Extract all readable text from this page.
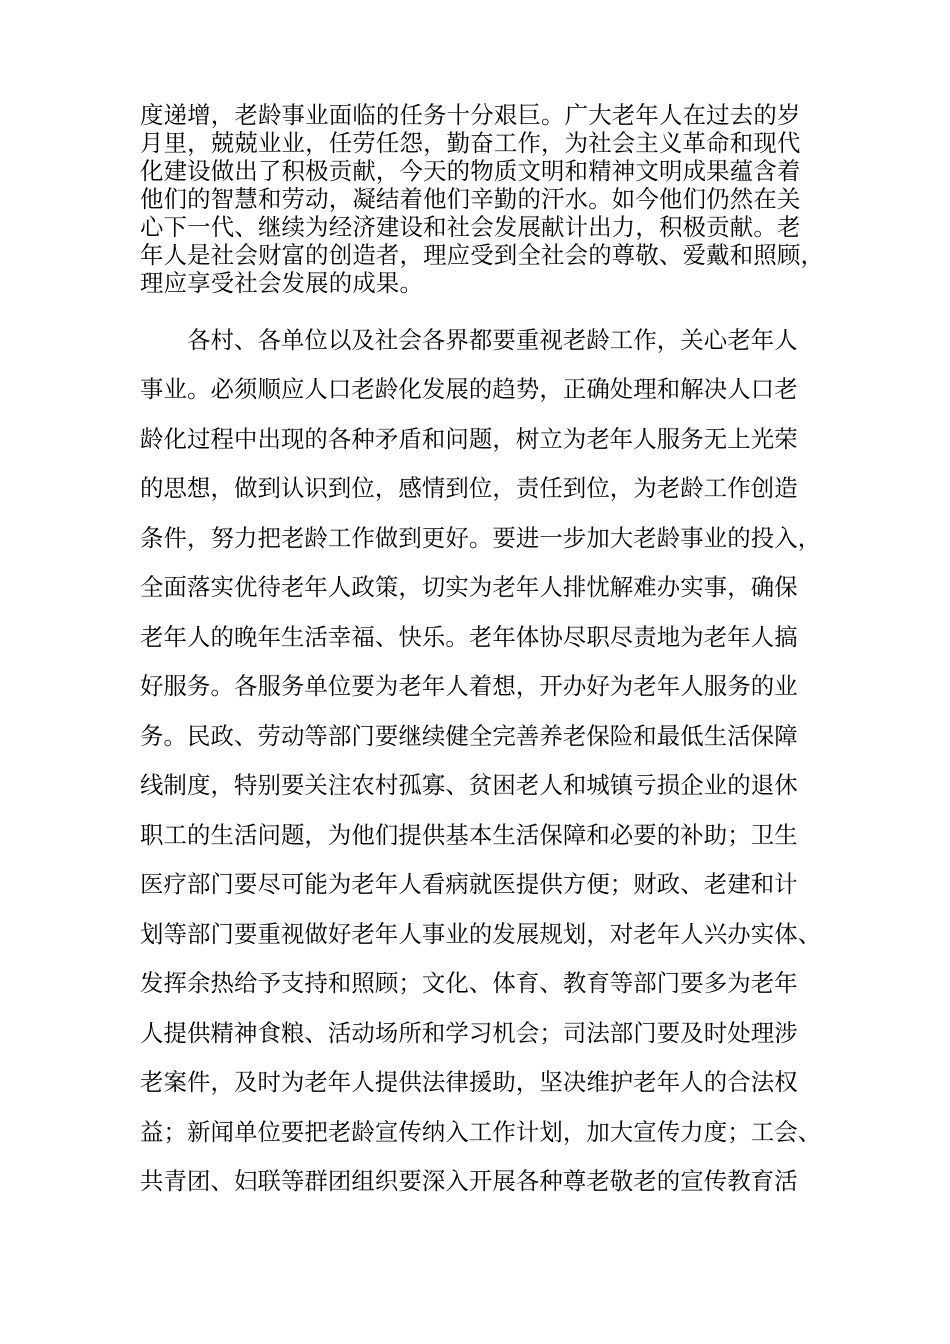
度递增，老龄事业面临的任务十分艰巨。广大老年人在过去的岁
月里，兢兢业业，任劳任怨，勤奋工作，为社会主义革命和现代
化建设做出了积极贡献，今天的物质文明和精神文明成果蕴含着
他们的智慧和劳动，凝结着他们辛勤的汗水。如今他们仍然在关
心下一代、继续为经济建设和社会发展献计出力，积极贡献。老
年人是社会财富的创造者，理应受到全社会的尊敬、爱戴和照顾，
理应享受社会发展的成果。
各村、各单位以及社会各界都要重视老龄工作，关心老年人
事业。必须顺应人口老龄化发展的趋势，正确处理和解决人口老
龄化过程中出现的各种矛盾和问题，树立为老年人服务无上光荣
的思想，做到认识到位，感情到位，责任到位，为老龄工作创造
条件，努力把老龄工作做到更好。要进一步加大老龄事业的投入，
全面落实优待老年人政策，切实为老年人排忧解难办实事，确保
老年人的晚年生活幸福、快乐。老年体协尽职尽责地为老年人搞
好服务。各服务单位要为老年人着想，开办好为老年人服务的业
务。民政、劳动等部门要继续健全完善养老保险和最低生活保障
线制度，特别要关注农村孤寡、贫困老人和城镇亏损企业的退休
职工的生活问题，为他们提供基本生活保障和必要的补助；卫生
医疗部门要尽可能为老年人看病就医提供方便；财政、老建和计
划等部门要重视做好老年人事业的发展规划，对老年人兴办实体、
发挥余热给予支持和照顾；文化、体育、教育等部门要多为老年
人提供精神食粮、活动场所和学习机会；司法部门要及时处理涉
老案件，及时为老年人提供法律援助，坚决维护老年人的合法权
益；新闻单位要把老龄宣传纳入工作计划，加大宣传力度；工会、
共青团、妇联等群团组织要深入开展各种尊老敬老的宣传教育活
